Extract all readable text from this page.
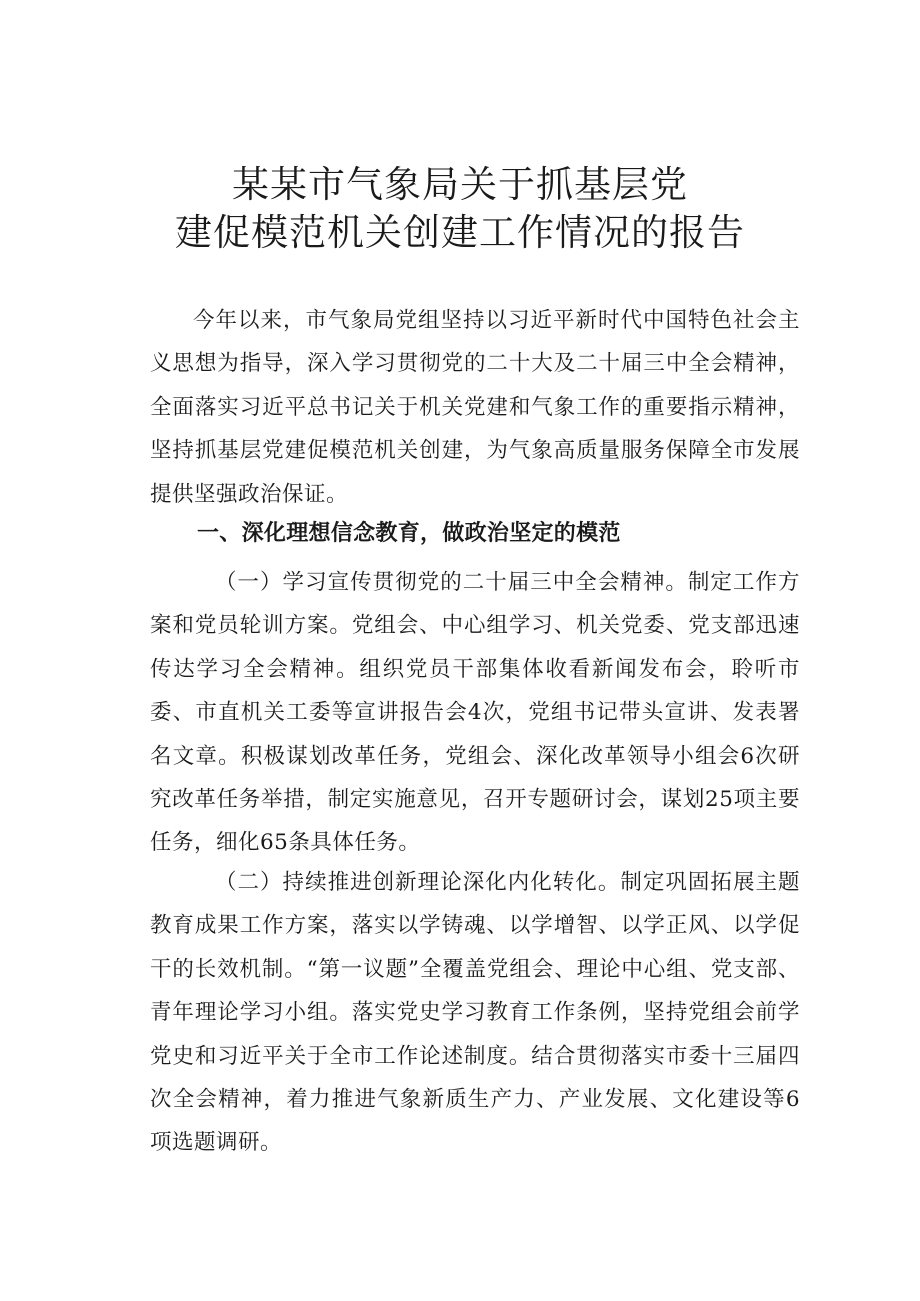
某某市气象局关于抓基层党
建促模范机关创建工作情况的报告

今年以来，市气象局党组坚持以习近平新时代中国特色社会主义思想为指导，深入学习贯彻党的二十大及二十届三中全会精神，全面落实习近平总书记关于机关党建和气象工作的重要指示精神，坚持抓基层党建促模范机关创建，为气象高质量服务保障全市发展提供坚强政治保证。

一、深化理想信念教育，做政治坚定的模范

（一）学习宣传贯彻党的二十届三中全会精神。制定工作方案和党员轮训方案。党组会、中心组学习、机关党委、党支部迅速传达学习全会精神。组织党员干部集体收看新闻发布会，聆听市委、市直机关工委等宣讲报告会4次，党组书记带头宣讲、发表署名文章。积极谋划改革任务，党组会、深化改革领导小组会6次研究改革任务举措，制定实施意见，召开专题研讨会，谋划25项主要任务，细化65条具体任务。

（二）持续推进创新理论深化内化转化。制定巩固拓展主题教育成果工作方案，落实以学铸魂、以学增智、以学正风、以学促干的长效机制。“第一议题”全覆盖党组会、理论中心组、党支部、青年理论学习小组。落实党史学习教育工作条例，坚持党组会前学党史和习近平关于全市工作论述制度。结合贯彻落实市委十三届四次全会精神，着力推进气象新质生产力、产业发展、文化建设等6项选题调研。
